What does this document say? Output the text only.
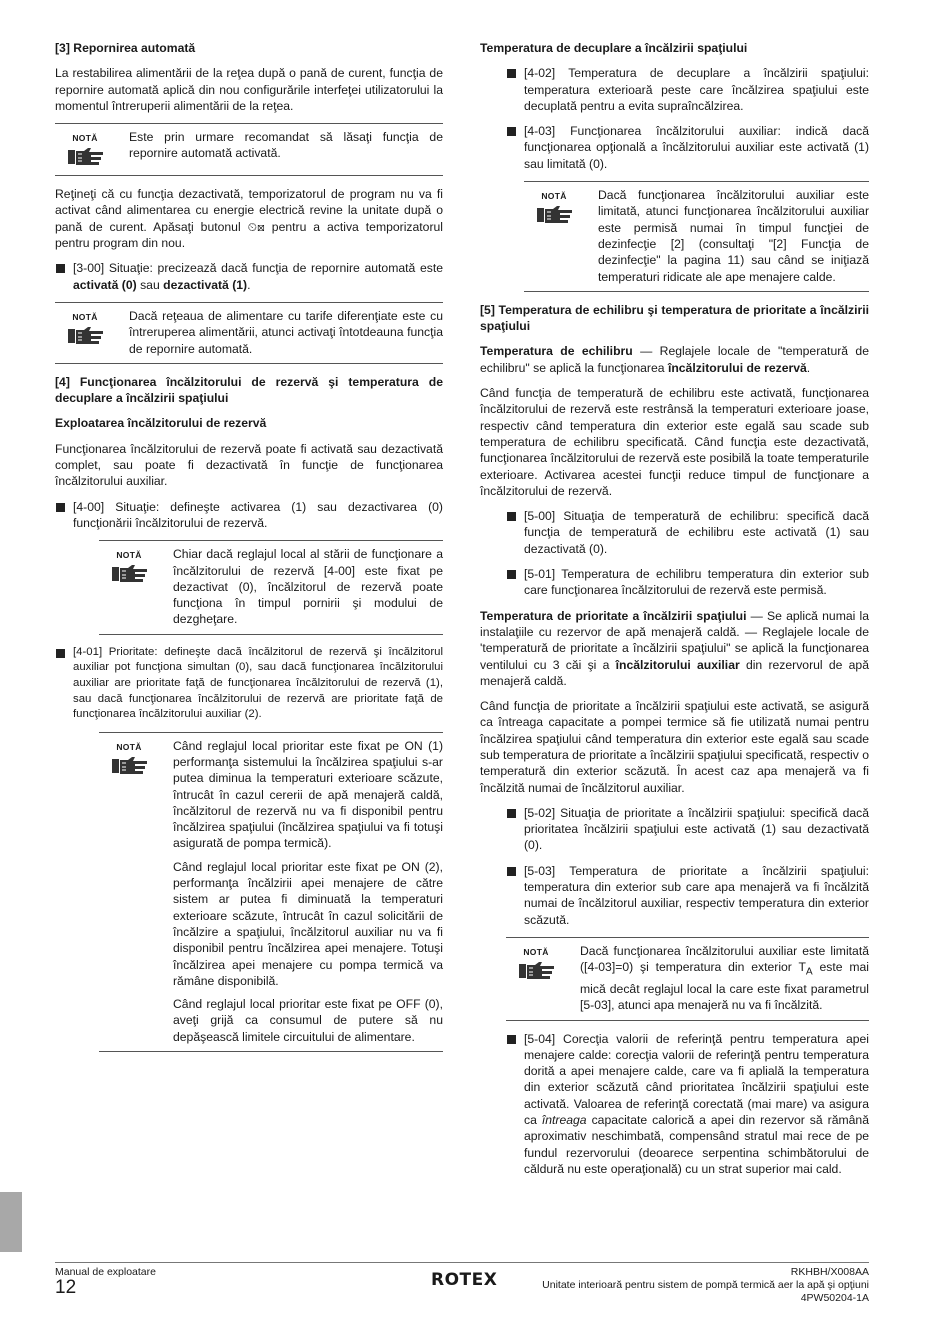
[3] Repornirea automată

La restabilirea alimentării de la reţea după o pană de curent, funcţia de repornire automată aplică din nou configurările interfeţei utilizatorului la momentul întreruperii alimentării de la reţea.

NOTĂ	Este prin urmare recomandat să lăsaţi funcţia de repornire automată activată.

Reţineţi că cu funcţia dezactivată, temporizatorul de program nu va fi activat când alimentarea cu energie electrică revine la unitate după o pană de curent. Apăsaţi butonul ⏲⊠ pentru a activa temporizatorul pentru program din nou.

[3-00] Situaţie: precizează dacă funcţia de repornire automată este activată (0) sau dezactivată (1).
NOTĂ	Dacă reţeaua de alimentare cu tarife diferenţiate este cu întreruperea alimentării, atunci activaţi întotdeauna funcţia de repornire automată.

[4] Funcţionarea încălzitorului de rezervă şi temperatura de decuplare a încălzirii spaţiului
Exploatarea încălzitorului de rezervă

Funcţionarea încălzitorului de rezervă poate fi activată sau dezactivată complet, sau poate fi dezactivată în funcţie de funcţionarea încălzitorului auxiliar.

[4-00] Situaţie: defineşte activarea (1) sau dezactivarea (0) funcţionării încălzitorului de rezervă.
NOTĂ	Chiar dacă reglajul local al stării de funcţionare a încălzitorului de rezervă [4-00] este fixat pe dezactivat (0), încălzitorul de rezervă poate funcţiona în timpul pornirii şi modului de dezgheţare.

[4-01] Prioritate: defineşte dacă încălzitorul de rezervă şi încălzitorul auxiliar pot funcţiona simultan (0), sau dacă funcţionarea încălzitorului auxiliar are prioritate faţă de funcţionarea încălzitorului de rezervă (1), sau dacă funcţionarea încălzitorului de rezervă are prioritate faţă de funcţionarea încălzitorului auxiliar (2).
NOTĂ	Când reglajul local prioritar este fixat pe ON (1) performanţa sistemului la încălzirea spaţiului s-ar putea diminua la temperaturi exterioare scăzute, întrucât în cazul cererii de apă menajeră caldă, încălzitorul de rezervă nu va fi disponibil pentru încălzirea spaţiului (încălzirea spaţiului va fi totuşi asigurată de pompa termică).

Când reglajul local prioritar este fixat pe ON (2), performanţa încălzirii apei menajere de către sistem ar putea fi diminuată la temperaturi exterioare scăzute, întrucât în cazul solicitării de încălzire a spaţiului, încălzitorul auxiliar nu va fi disponibil pentru încălzirea apei menajere. Totuşi încălzirea apei menajere cu pompa termică va rămâne disponibilă.

Când reglajul local prioritar este fixat pe OFF (0), aveţi grijă ca consumul de putere să nu depăşească limitele circuitului de alimentare.

Temperatura de decuplare a încălzirii spaţiului
[4-02] Temperatura de decuplare a încălzirii spaţiului: temperatura exterioară peste care încălzirea spaţiului este decuplată pentru a evita supraîncălzirea.
[4-03] Funcţionarea încălzitorului auxiliar: indică dacă funcţionarea opţională a încălzitorului auxiliar este activată (1) sau limitată (0).
NOTĂ	Dacă funcţionarea încălzitorului auxiliar este limitată, atunci funcţionarea încălzitorului auxiliar este permisă numai în timpul funcţiei de dezinfecţie [2] (consultaţi "[2] Funcţia de dezinfecţie" la pagina 11) sau când se iniţiază temperaturi ridicate ale ape menajere calde.

[5] Temperatura de echilibru şi temperatura de prioritate a încălzirii spaţiului

Temperatura de echilibru — Reglajele locale de "temperatură de echilibru" se aplică la funcţionarea încălzitorului de rezervă.

Când funcţia de temperatură de echilibru este activată, funcţionarea încălzitorului de rezervă este restrânsă la temperaturi exterioare joase, respectiv când temperatura din exterior este egală sau scade sub temperatura de echilibru specificată. Când funcţia este dezactivată, funcţionarea încălzitorului de rezervă este posibilă la toate temperaturile exterioare. Activarea acestei funcţii reduce timpul de funcţionare a încălzitorului de rezervă.

[5-00] Situaţia de temperatură de echilibru: specifică dacă funcţia de temperatură de echilibru este activată (1) sau dezactivată (0).
[5-01] Temperatura de echilibru temperatura din exterior sub care funcţionarea încălzitorului de rezervă este permisă.

Temperatura de prioritate a încălzirii spaţiului — Se aplică numai la instalaţiile cu rezervor de apă menajeră caldă. — Reglajele locale de 'temperatură de prioritate a încălzirii spaţiului" se aplică la funcţionarea ventilului cu 3 căi şi a încălzitorului auxiliar din rezervorul de apă menajeră caldă.

Când funcţia de prioritate a încălzirii spaţiului este activată, se asigură ca întreaga capacitate a pompei termice să fie utilizată numai pentru încălzirea spaţiului când temperatura din exterior este egală sau scade sub temperatura de prioritate a încălzirii spaţiului specificată, respectiv o temperatură din exterior scăzută. În acest caz apa menajeră va fi încălzită numai de încălzitorul auxiliar.

[5-02] Situaţia de prioritate a încălzirii spaţiului: specifică dacă prioritatea încălzirii spaţiului este activată (1) sau dezactivată (0).
[5-03] Temperatura de prioritate a încălzirii spaţiului: temperatura din exterior sub care apa menajeră va fi încălzită numai de încălzitorul auxiliar, respectiv temperatura din exterior scăzută.
NOTĂ	Dacă funcţionarea încălzitorului auxiliar este limitată ([4-03]=0) şi temperatura din exterior $T_A$ este mai mică decât reglajul local la care este fixat parametrul [5-03], atunci apa menajeră nu va fi încălzită.

[5-04] Corecţia valorii de referinţă pentru temperatura apei menajere calde: corecţia valorii de referinţă pentru temperatura dorită a apei menajere calde, care va fi aplială la temperatura din exterior scăzută când prioritatea încălzirii spaţiului este activată. Valoarea de referinţă corectată (mai mare) va asigura ca întreaga capacitate calorică a apei din rezervor să rămână aproximativ neschimbată, compensând stratul mai rece de pe fundul rezervorului (deoarece serpentina schimbătorului de căldură nu este operaţională) cu un strat superior mai cald.
Manual de exploatare
12	ROTEX	RKHBH/X008AA
Unitate interioară pentru sistem de pompă termică aer la apă şi opţiuni
4PW50204-1A
